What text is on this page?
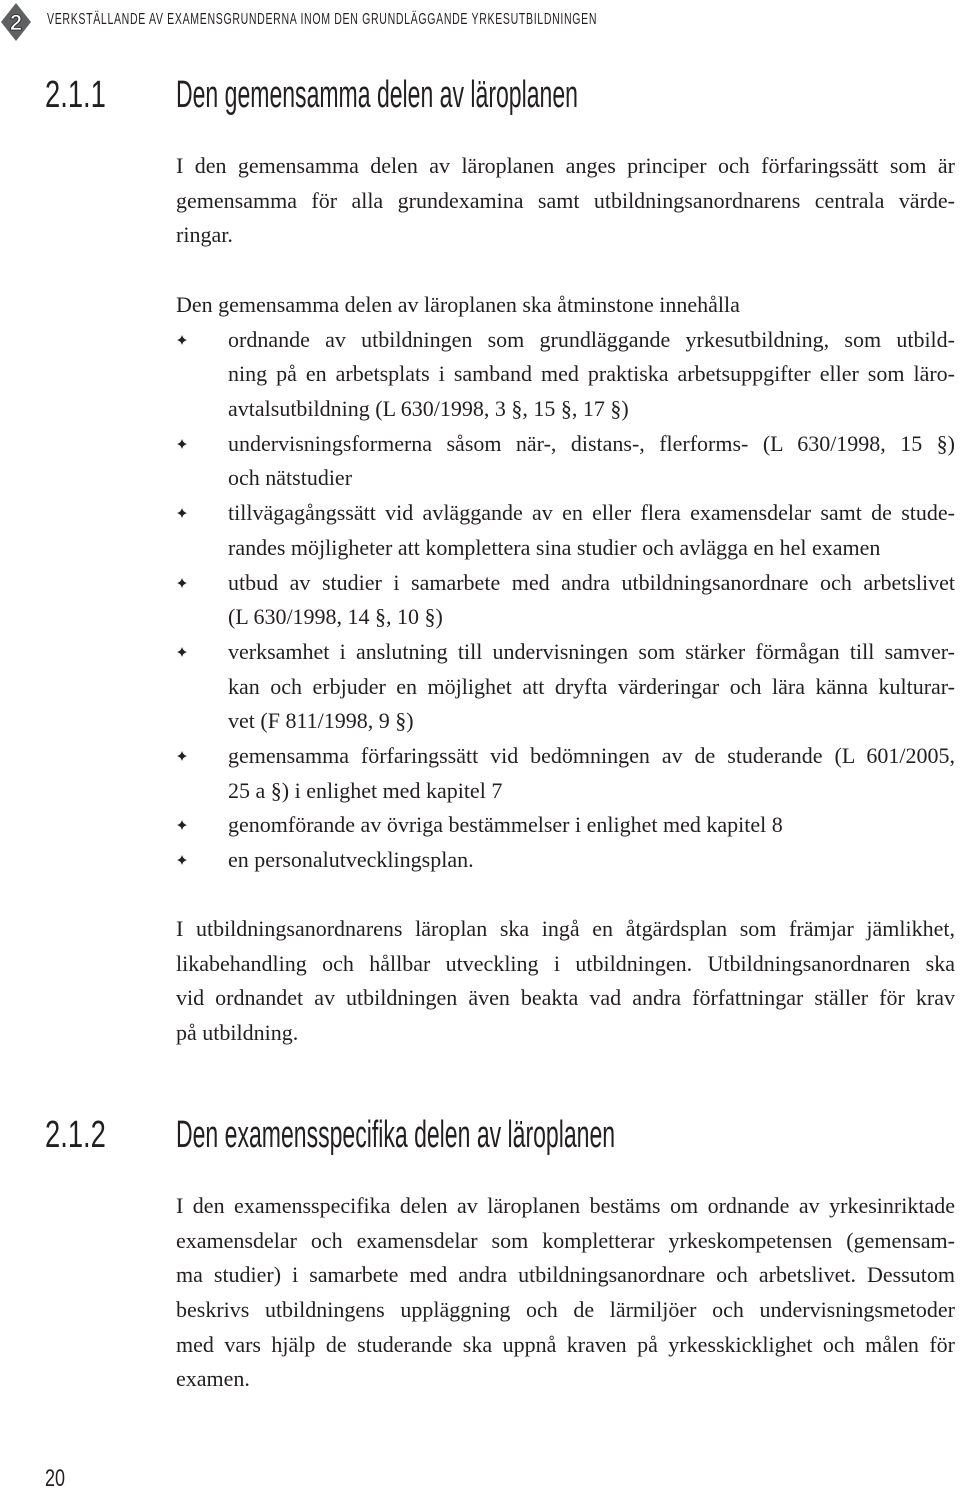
2 VERKSTÄLLANDE AV EXAMENSGRUNDERNA INOM DEN GRUNDLÄGGANDE YRKESUTBILDNINGEN
2.1.1 Den gemensamma delen av läroplanen
I den gemensamma delen av läroplanen anges principer och förfaringssätt som är
gemensamma för alla grundexamina samt utbildningsanordnarens centrala värde-
ringar.
Den gemensamma delen av läroplanen ska åtminstone innehålla
ordnande av utbildningen som grundläggande yrkesutbildning, som utbild-
ning på en arbetsplats i samband med praktiska arbetsuppgifter eller som läro-
avtalsutbildning (L 630/1998, 3 §, 15 §, 17 §)
undervisningsformerna såsom när-, distans-, flerforms- (L 630/1998, 15 §)
och nätstudier
tillvägagångssätt vid avläggande av en eller flera examensdelar samt de stude-
randes möjligheter att komplettera sina studier och avlägga en hel examen
utbud av studier i samarbete med andra utbildningsanordnare och arbetslivet
(L 630/1998, 14 §, 10 §)
verksamhet i anslutning till undervisningen som stärker förmågan till samver-
kan och erbjuder en möjlighet att dryfta värderingar och lära känna kulturar-
vet (F 811/1998, 9 §)
gemensamma förfaringssätt vid bedömningen av de studerande (L 601/2005,
25 a §) i enlighet med kapitel 7
genomförande av övriga bestämmelser i enlighet med kapitel 8
en personalutvecklingsplan.
I utbildningsanordnarens läroplan ska ingå en åtgärdsplan som främjar jämlikhet,
likabehandling och hållbar utveckling i utbildningen. Utbildningsanordnaren ska
vid ordnandet av utbildningen även beakta vad andra författningar ställer för krav
på utbildning.
2.1.2 Den examensspecifika delen av läroplanen
I den examensspecifika delen av läroplanen bestäms om ordnande av yrkesinriktade
examensdelar och examensdelar som kompletterar yrkeskompetensen (gemensam-
ma studier) i samarbete med andra utbildningsanordnare och arbetslivet. Dessutom
beskrivs utbildningens uppläggning och de lärmiljöer och undervisningsmetoder
med vars hjälp de studerande ska uppnå kraven på yrkesskicklighet och målen för
examen.
20
